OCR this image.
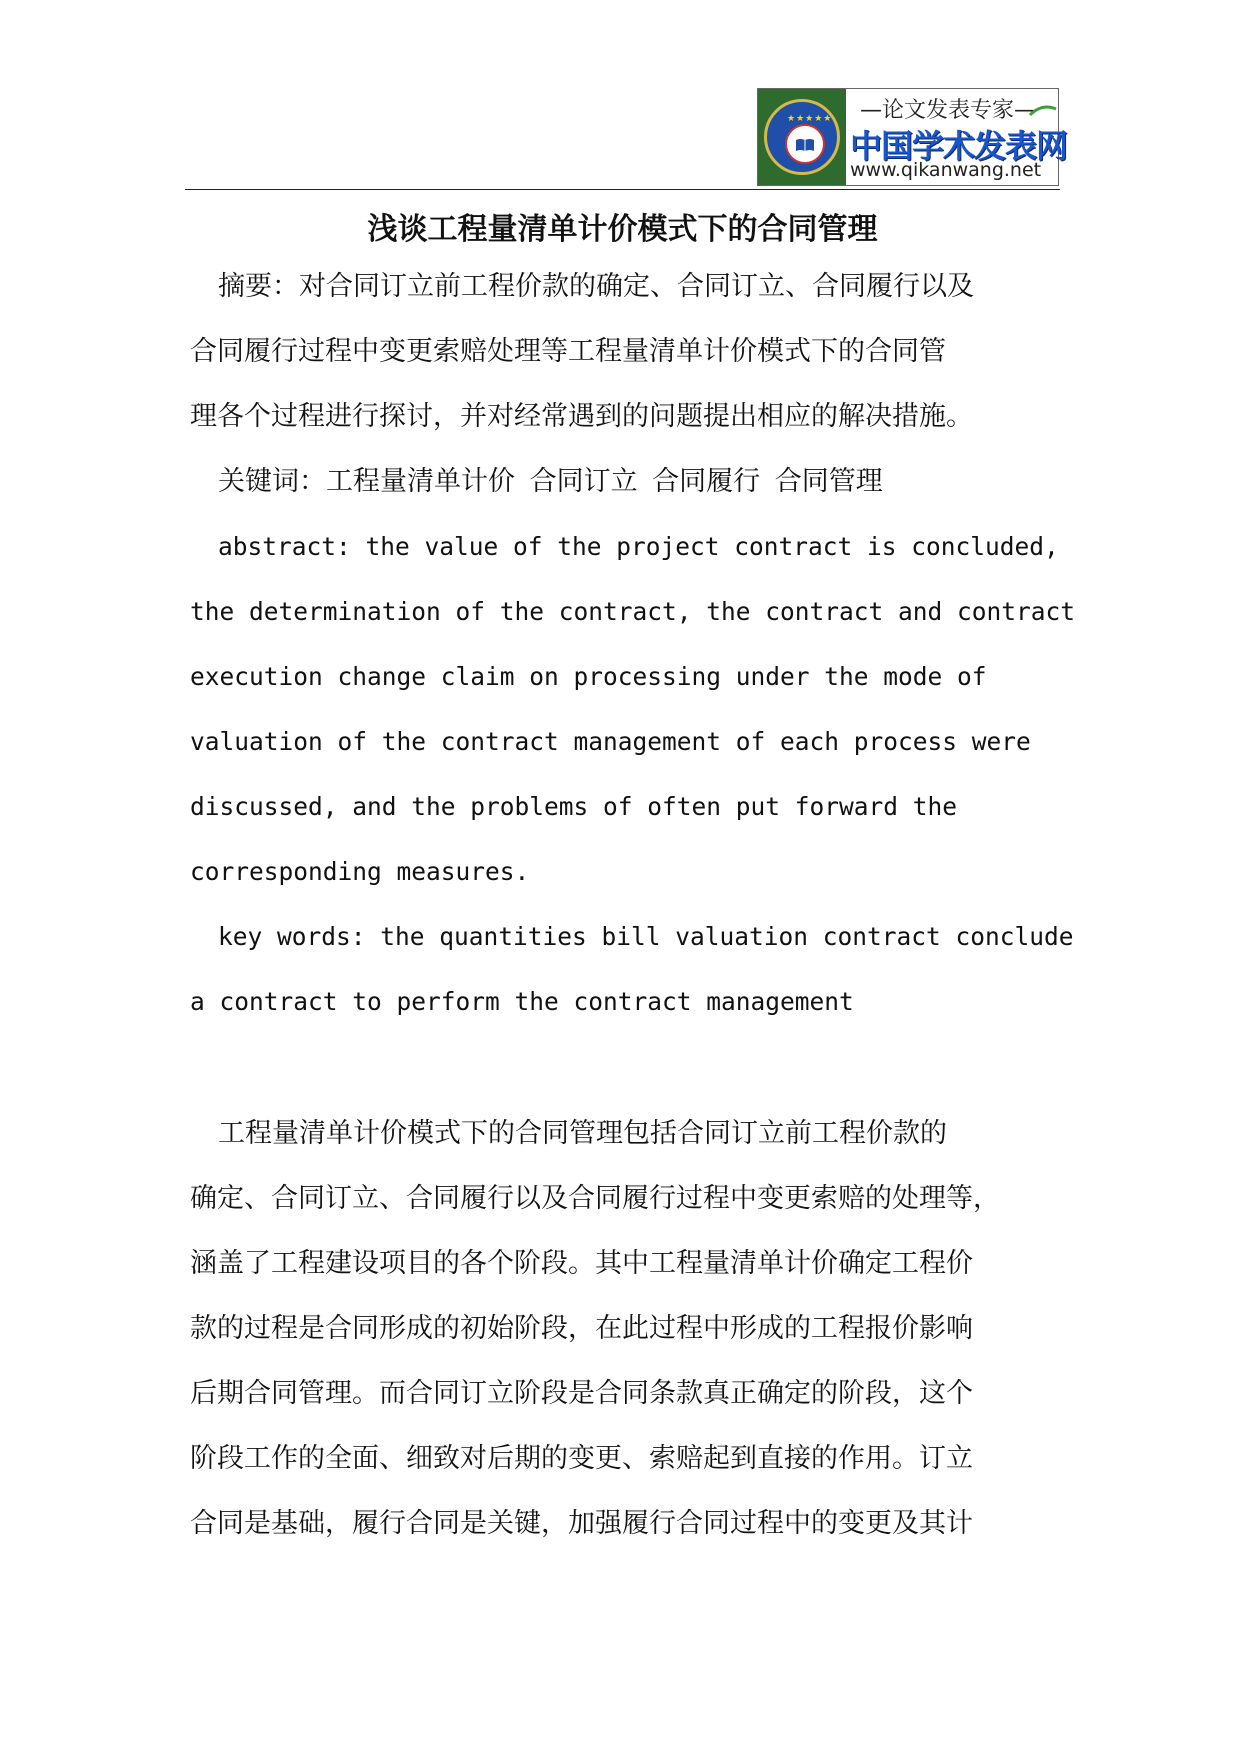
★★★★★ —论文发表专家—
中国学术发表网
www.qikanwang.net
浅谈工程量清单计价模式下的合同管理
摘要：对合同订立前工程价款的确定、合同订立、合同履行以及
合同履行过程中变更索赔处理等工程量清单计价模式下的合同管
理各个过程进行探讨，并对经常遇到的问题提出相应的解决措施。
关键词：工程量清单计价 合同订立 合同履行 合同管理
abstract: the value of the project contract is concluded,
the determination of the contract, the contract and contract
execution change claim on processing under the mode of
valuation of the contract management of each process were
discussed, and the problems of often put forward the
corresponding measures.
key words: the quantities bill valuation contract conclude
a contract to perform the contract management
工程量清单计价模式下的合同管理包括合同订立前工程价款的
确定、合同订立、合同履行以及合同履行过程中变更索赔的处理等，
涵盖了工程建设项目的各个阶段。其中工程量清单计价确定工程价
款的过程是合同形成的初始阶段，在此过程中形成的工程报价影响
后期合同管理。而合同订立阶段是合同条款真正确定的阶段，这个
阶段工作的全面、细致对后期的变更、索赔起到直接的作用。订立
合同是基础，履行合同是关键，加强履行合同过程中的变更及其计
